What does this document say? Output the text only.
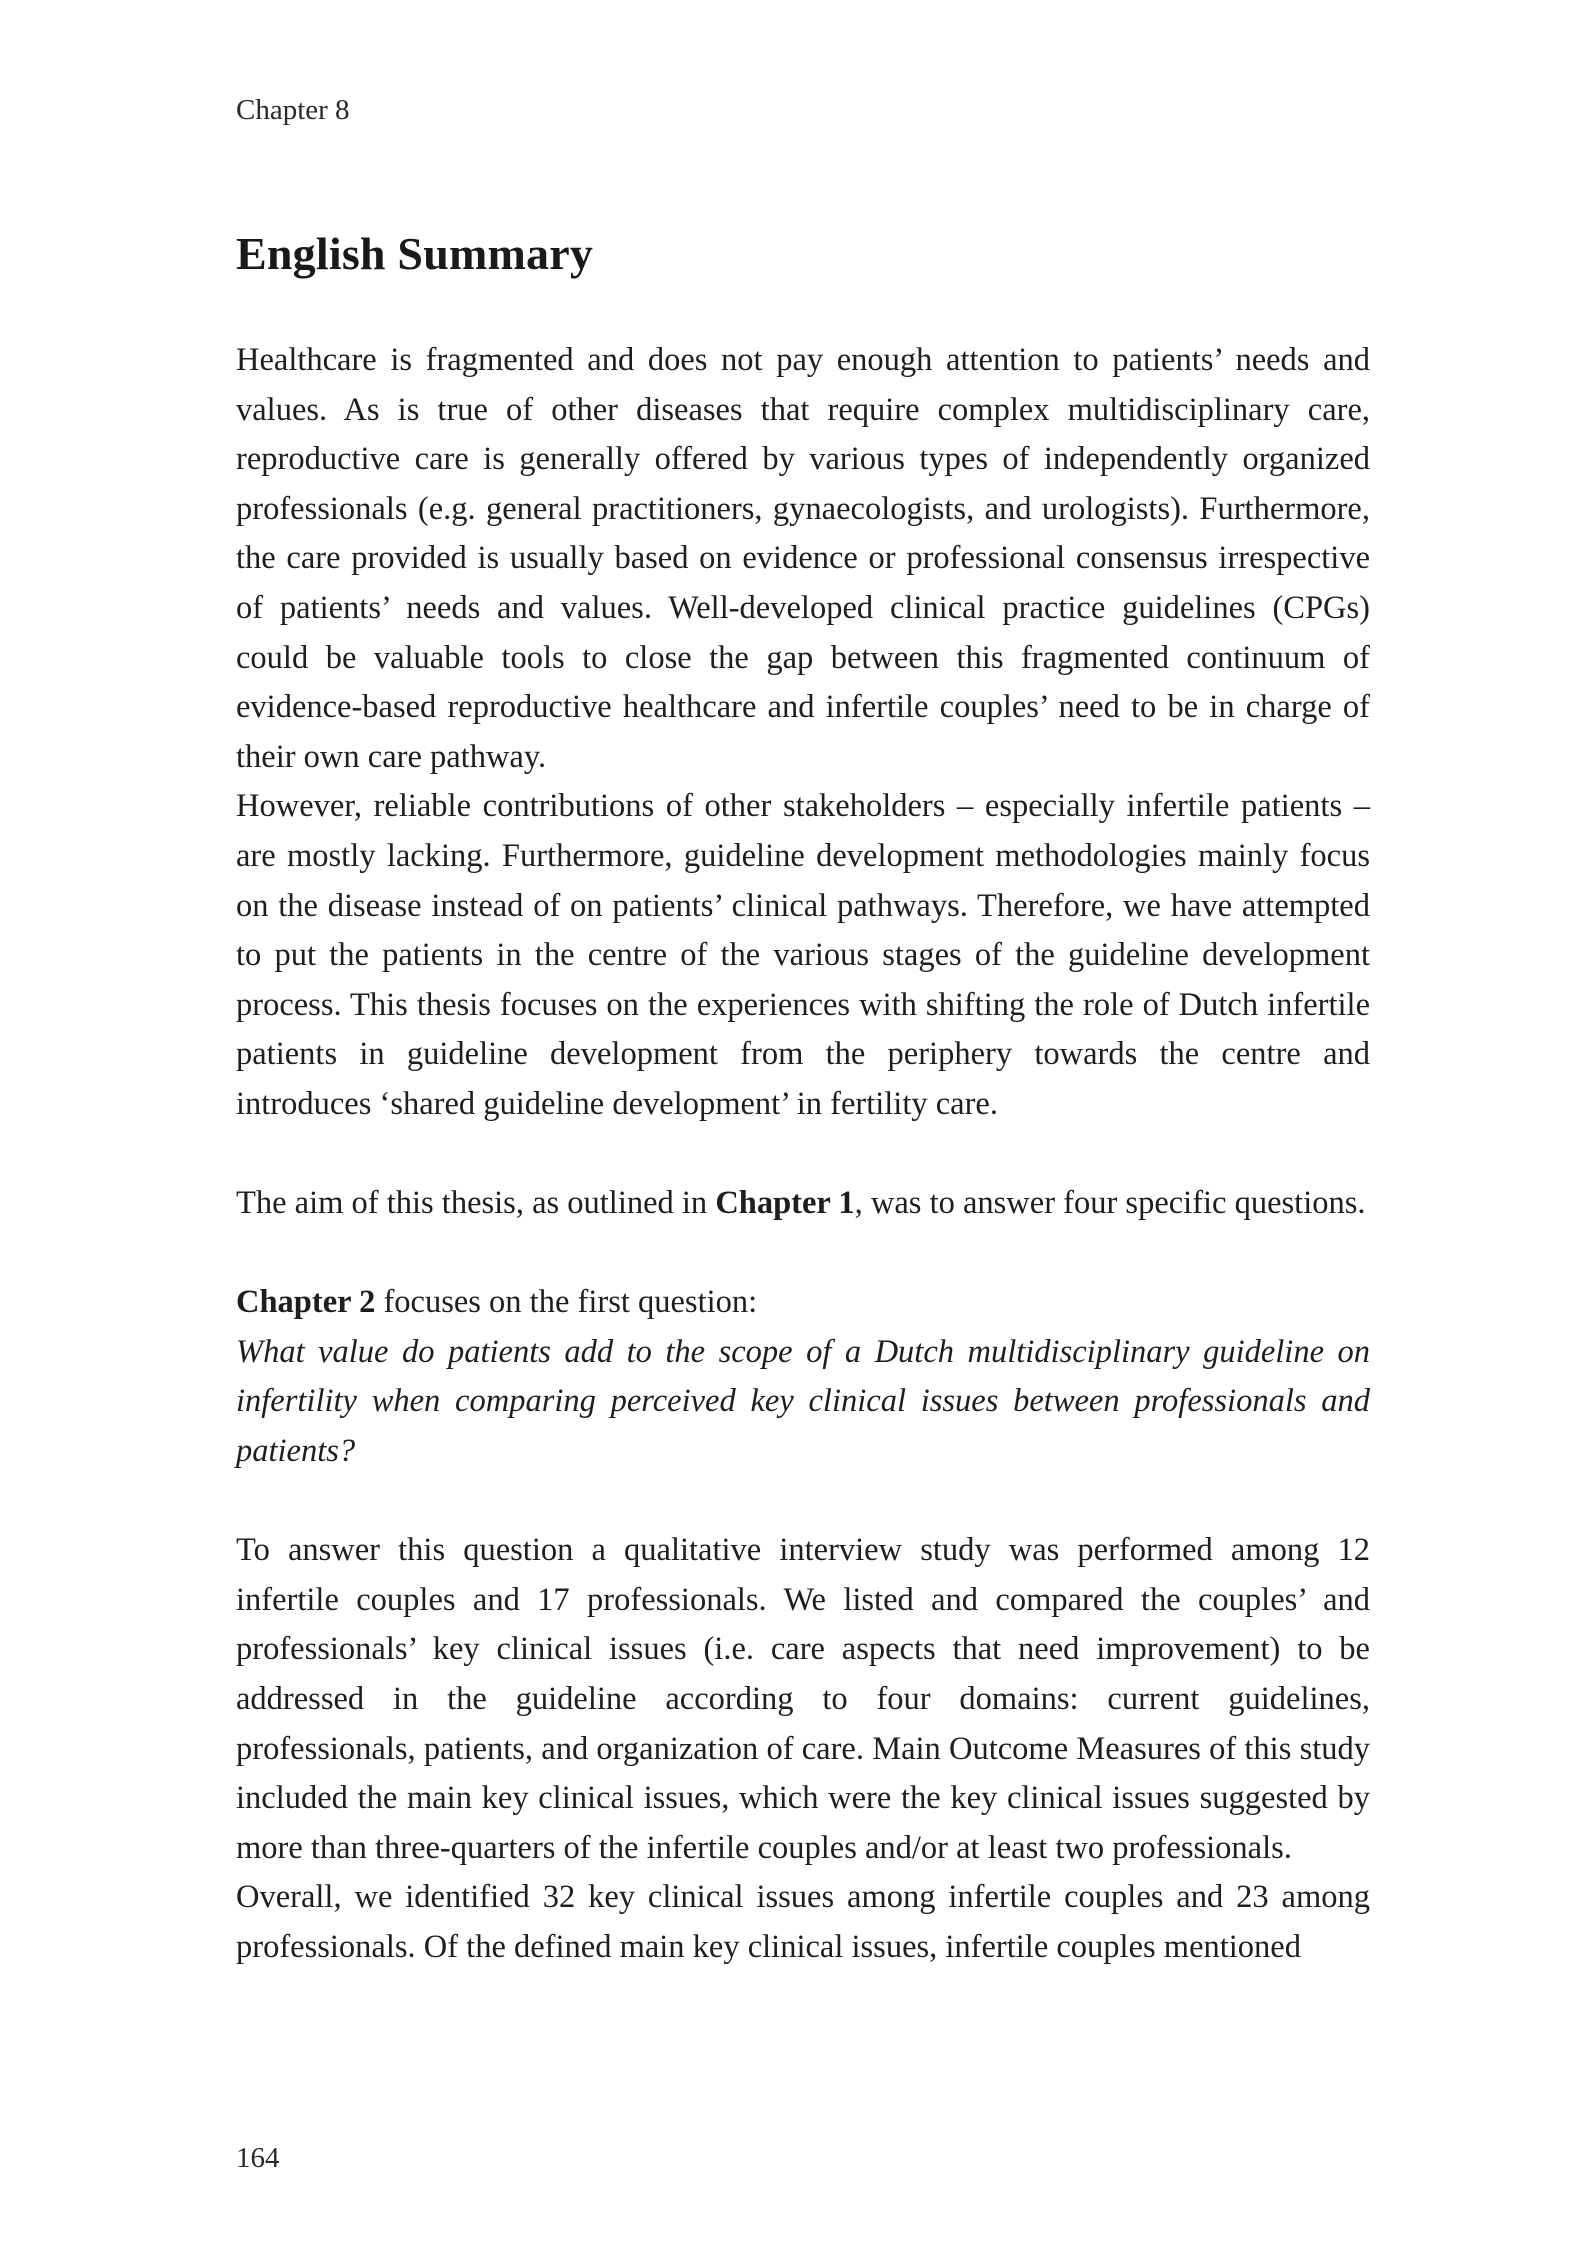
Chapter 8
English Summary

Healthcare is fragmented and does not pay enough attention to patients’ needs and values. As is true of other diseases that require complex multidisciplinary care, reproductive care is generally offered by various types of independently organized professionals (e.g. general practitioners, gynaecologists, and urologists). Furthermore, the care provided is usually based on evidence or professional consensus irrespective of patients’ needs and values. Well-developed clinical practice guidelines (CPGs) could be valuable tools to close the gap between this fragmented continuum of evidence-based reproductive healthcare and infertile couples’ need to be in charge of their own care pathway.

However, reliable contributions of other stakeholders – especially infertile patients – are mostly lacking. Furthermore, guideline development methodologies mainly focus on the disease instead of on patients’ clinical pathways. Therefore, we have attempted to put the patients in the centre of the various stages of the guideline development process. This thesis focuses on the experiences with shifting the role of Dutch infertile patients in guideline development from the periphery towards the centre and introduces ‘shared guideline development’ in fertility care.

The aim of this thesis, as outlined in Chapter 1, was to answer four specific questions.

Chapter 2 focuses on the first question:

What value do patients add to the scope of a Dutch multidisciplinary guideline on infertility when comparing perceived key clinical issues between professionals and patients?

To answer this question a qualitative interview study was performed among 12 infertile couples and 17 professionals. We listed and compared the couples’ and professionals’ key clinical issues (i.e. care aspects that need improvement) to be addressed in the guideline according to four domains: current guidelines, professionals, patients, and organization of care. Main Outcome Measures of this study included the main key clinical issues, which were the key clinical issues suggested by more than three-quarters of the infertile couples and/or at least two professionals.

Overall, we identified 32 key clinical issues among infertile couples and 23 among professionals. Of the defined main key clinical issues, infertile couples mentioned

164
